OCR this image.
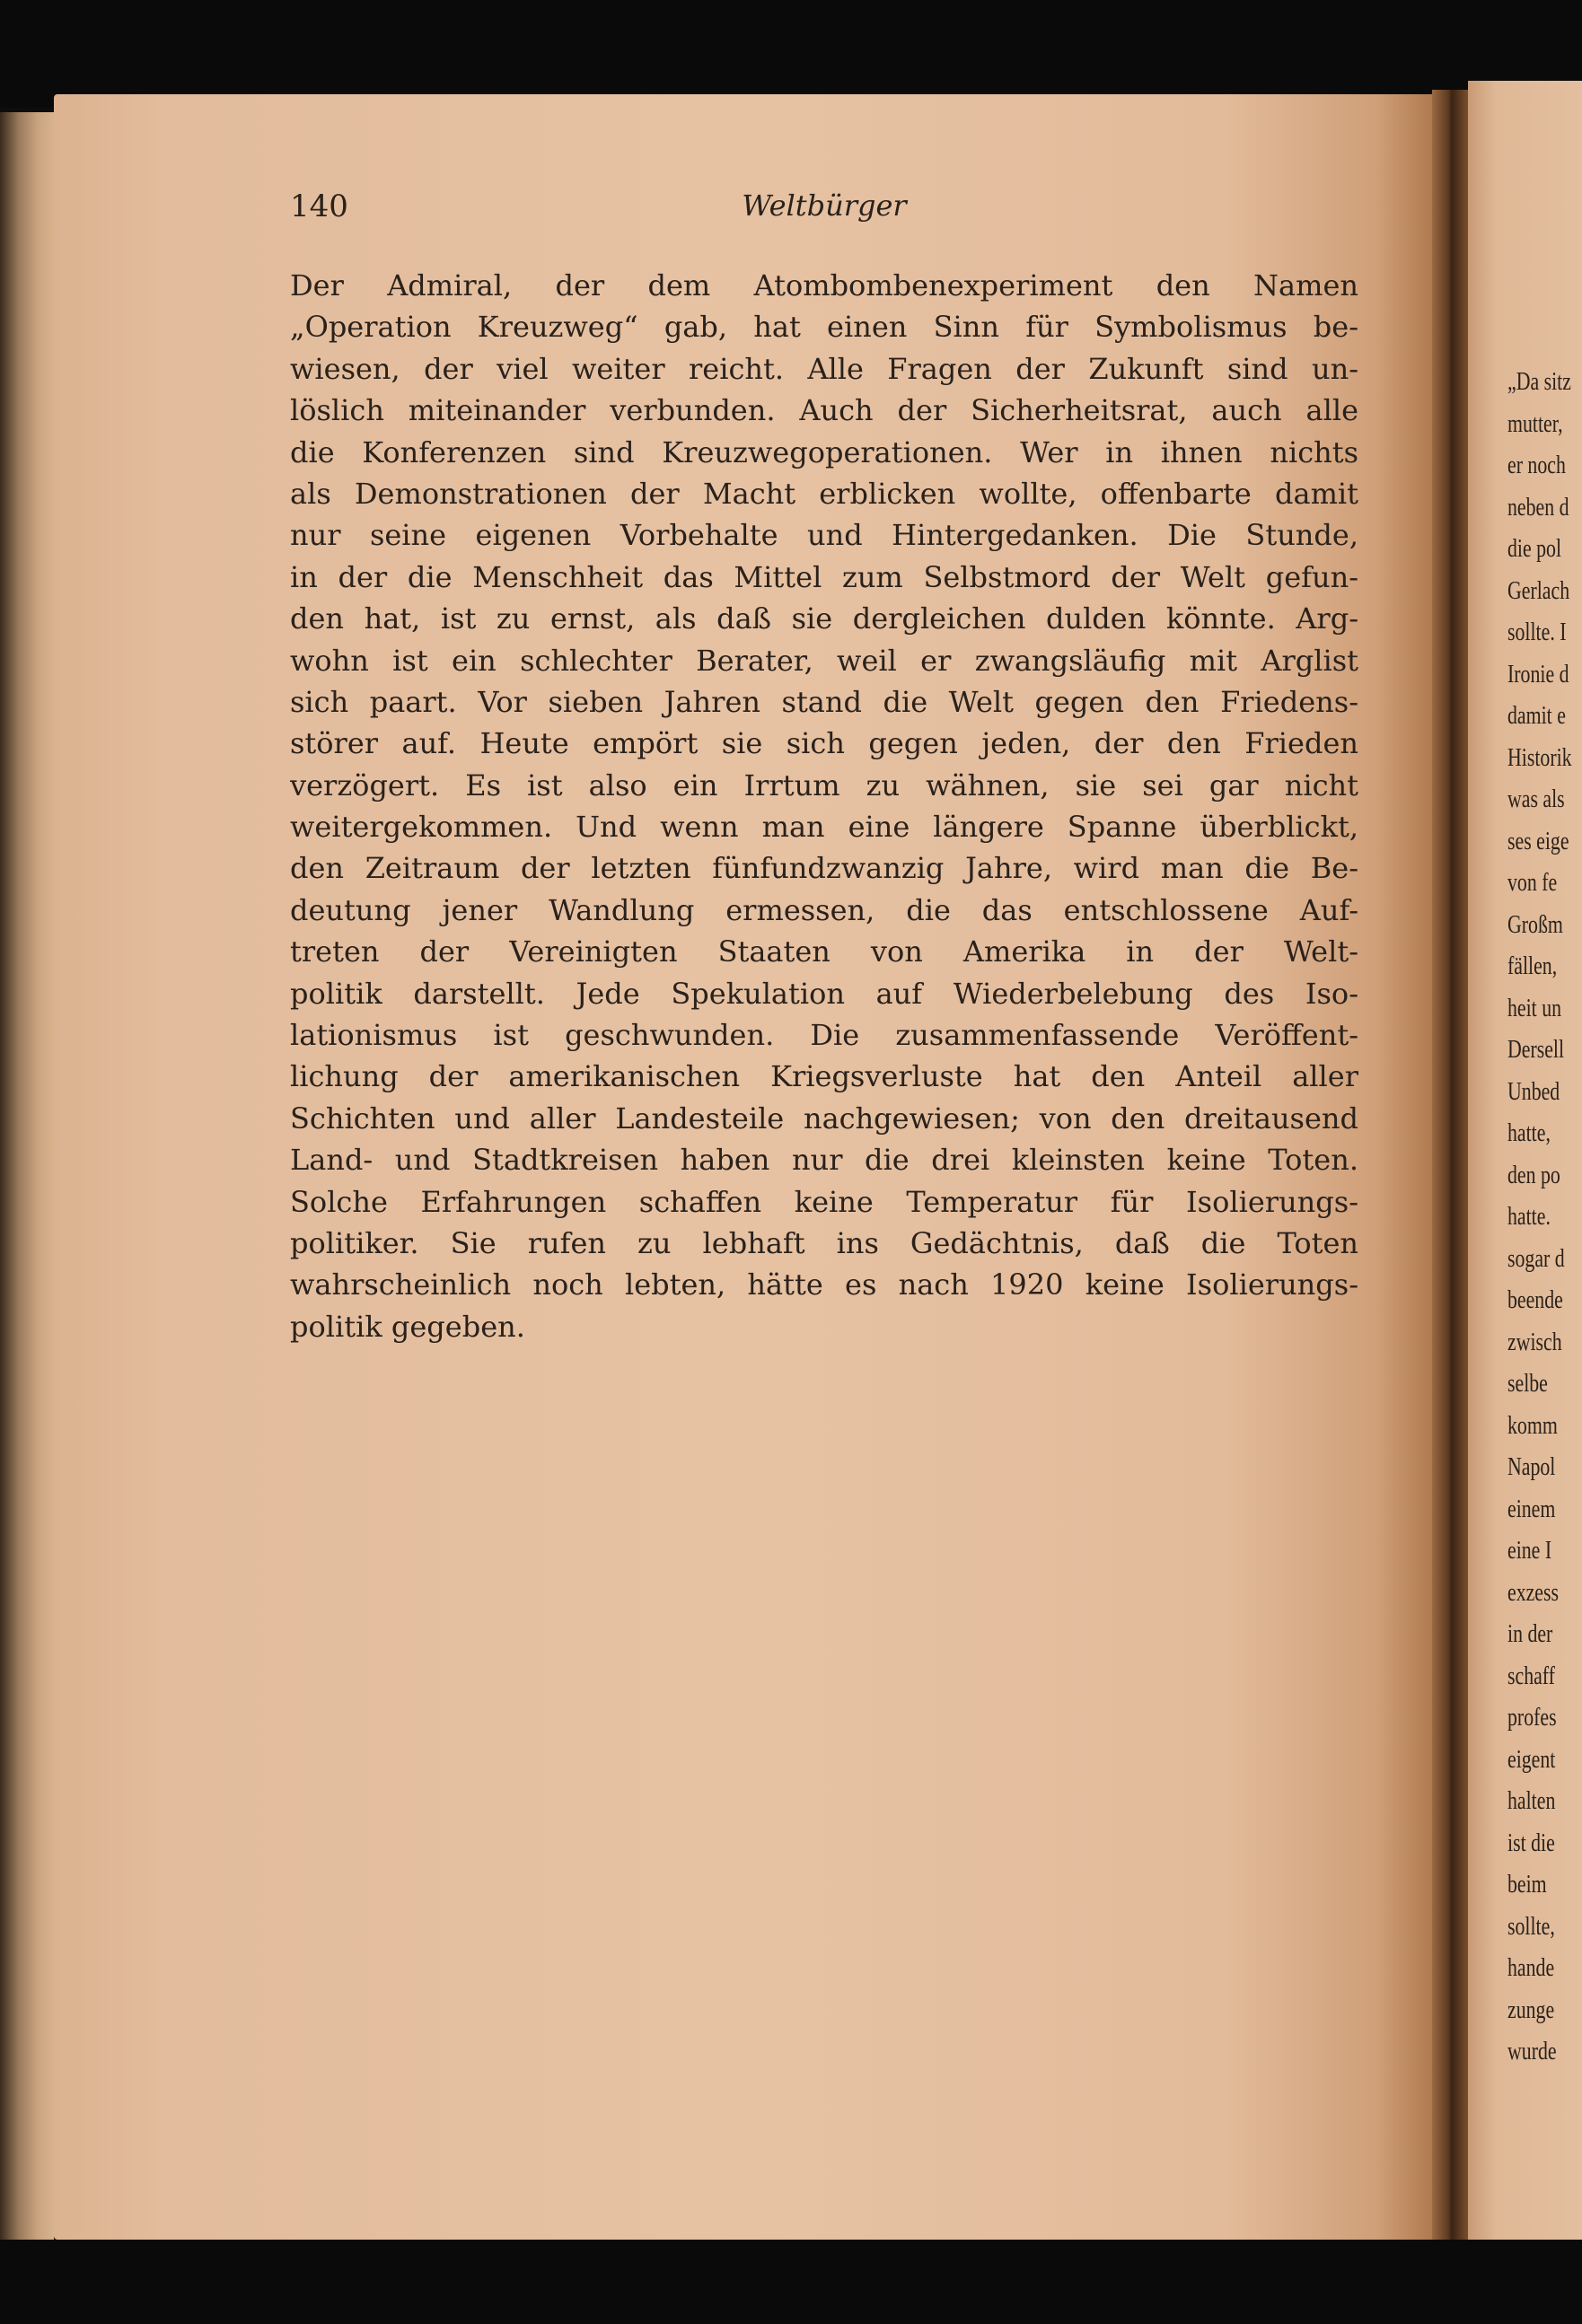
140	Weltbürger

Der Admiral, der dem Atombombenexperiment den Namen

„Operation Kreuzweg“ gab, hat einen Sinn für Symbolismus be-

wiesen, der viel weiter reicht. Alle Fragen der Zukunft sind un-

löslich miteinander verbunden. Auch der Sicherheitsrat, auch alle

die Konferenzen sind Kreuzwegoperationen. Wer in ihnen nichts

als Demonstrationen der Macht erblicken wollte, offenbarte damit

nur seine eigenen Vorbehalte und Hintergedanken. Die Stunde,

in der die Menschheit das Mittel zum Selbstmord der Welt gefun-

den hat, ist zu ernst, als daß sie dergleichen dulden könnte. Arg-

wohn ist ein schlechter Berater, weil er zwangsläufig mit Arglist

sich paart. Vor sieben Jahren stand die Welt gegen den Friedens-

störer auf. Heute empört sie sich gegen jeden, der den Frieden

verzögert. Es ist also ein Irrtum zu wähnen, sie sei gar nicht

weitergekommen. Und wenn man eine längere Spanne überblickt,

den Zeitraum der letzten fünfundzwanzig Jahre, wird man die Be-

deutung jener Wandlung ermessen, die das entschlossene Auf-

treten der Vereinigten Staaten von Amerika in der Welt-

politik darstellt. Jede Spekulation auf Wiederbelebung des Iso-

lationismus ist geschwunden. Die zusammenfassende Veröffent-

lichung der amerikanischen Kriegsverluste hat den Anteil aller

Schichten und aller Landesteile nachgewiesen; von den dreitausend

Land- und Stadtkreisen haben nur die drei kleinsten keine Toten.

Solche Erfahrungen schaffen keine Temperatur für Isolierungs-

politiker. Sie rufen zu lebhaft ins Gedächtnis, daß die Toten

wahrscheinlich noch lebten, hätte es nach 1920 keine Isolierungs-

politik gegeben.

„Da sitz

mutter,

er noch

neben d

die pol

Gerlach

sollte. I

Ironie d

damit e

Historik

was als

ses eige

von fe

Großm

fällen,

heit un

Dersell

Unbed

hatte,

den po

hatte.

sogar d

beende

zwisch

selbe

komm

Napol

einem

eine I

exzess

in der

schaff

profes

eigent

halten

ist die

beim

sollte,

hande

zunge

wurde
